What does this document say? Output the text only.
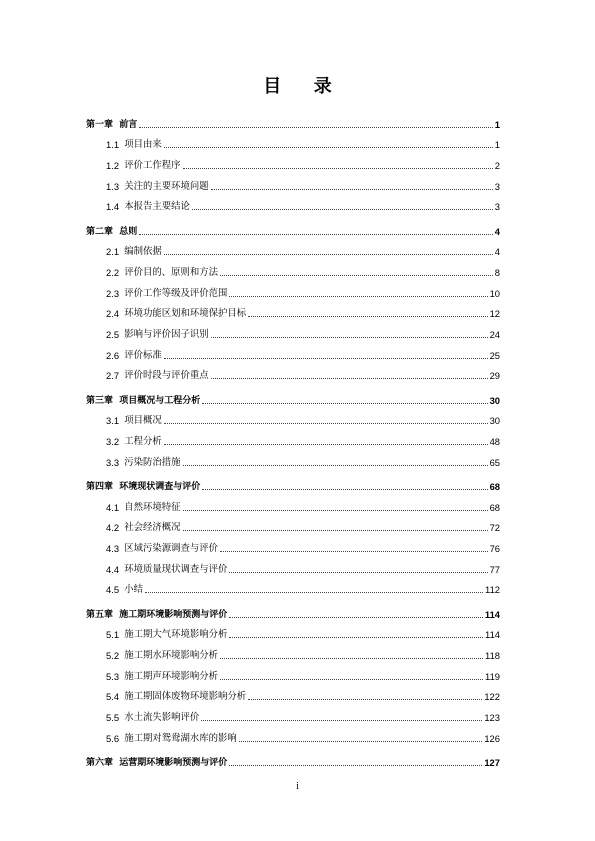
目 录
第一章 前言	1
1.1 项目由来	1
1.2 评价工作程序	2
1.3 关注的主要环境问题	3
1.4 本报告主要结论	3
第二章 总则	4
2.1 编制依据	4
2.2 评价目的、原则和方法	8
2.3 评价工作等级及评价范围	10
2.4 环境功能区划和环境保护目标	12
2.5 影响与评价因子识别	24
2.6 评价标准	25
2.7 评价时段与评价重点	29
第三章 项目概况与工程分析	30
3.1 项目概况	30
3.2 工程分析	48
3.3 污染防治措施	65
第四章 环境现状调查与评价	68
4.1 自然环境特征	68
4.2 社会经济概况	72
4.3 区域污染源调查与评价	76
4.4 环境质量现状调查与评价	77
4.5 小结	112
第五章 施工期环境影响预测与评价	114
5.1 施工期大气环境影响分析	114
5.2 施工期水环境影响分析	118
5.3 施工期声环境影响分析	119
5.4 施工期固体废物环境影响分析	122
5.5 水土流失影响评价	123
5.6 施工期对鸳鸯湖水库的影响	126
第六章 运营期环境影响预测与评价	127
i
